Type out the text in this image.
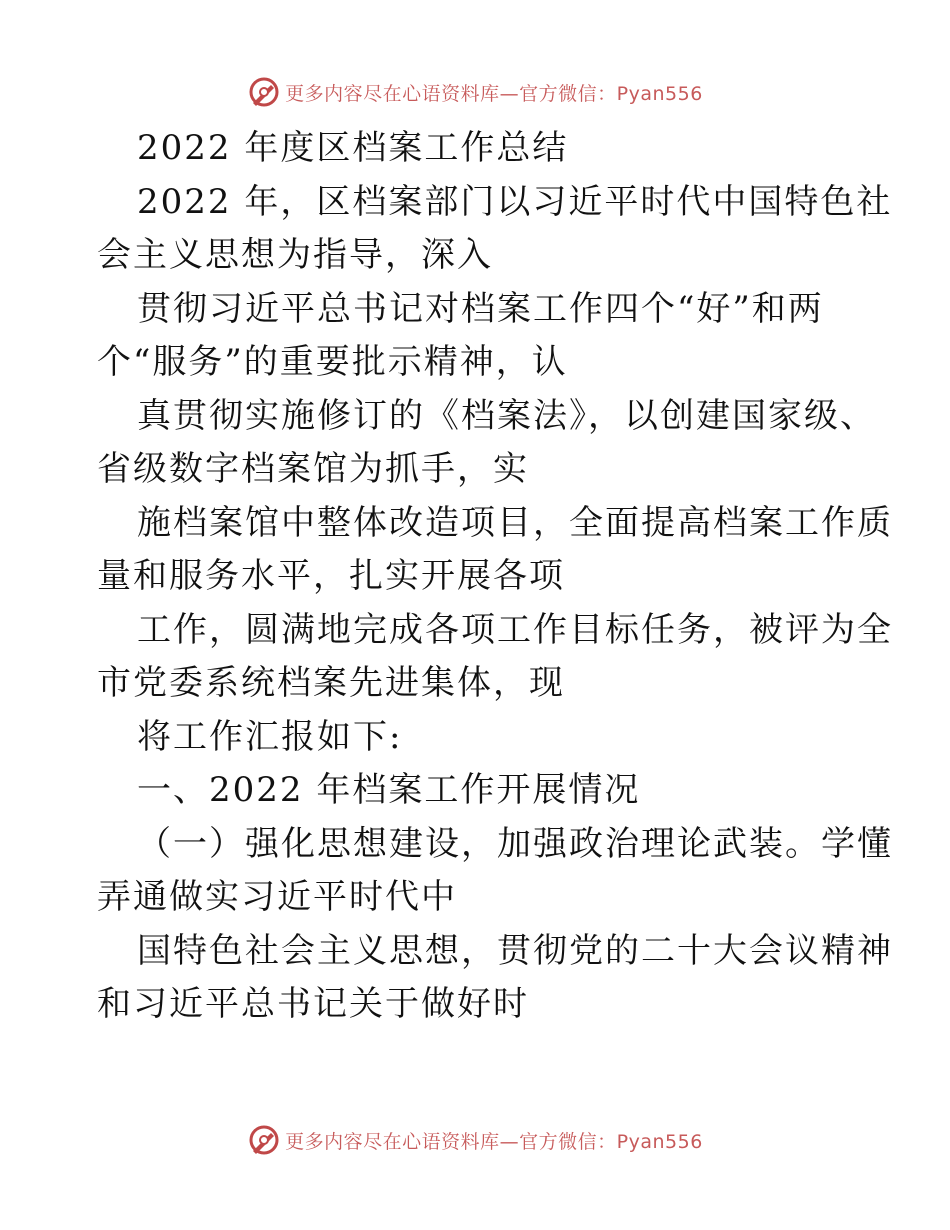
更多内容尽在心语资料库—官方微信：Pyan556
2022 年度区档案工作总结
2022 年，区档案部门以习近平时代中国特色社
会主义思想为指导，深入
贯彻习近平总书记对档案工作四个“好”和两
个“服务”的重要批示精神，认
真贯彻实施修订的《档案法》，以创建国家级、
省级数字档案馆为抓手，实
施档案馆中整体改造项目，全面提高档案工作质
量和服务水平，扎实开展各项
工作，圆满地完成各项工作目标任务，被评为全
市党委系统档案先进集体，现
将工作汇报如下:
一、2022 年档案工作开展情况
（一）强化思想建设，加强政治理论武装。学懂
弄通做实习近平时代中
国特色社会主义思想，贯彻党的二十大会议精神
和习近平总书记关于做好时
更多内容尽在心语资料库—官方微信：Pyan556
